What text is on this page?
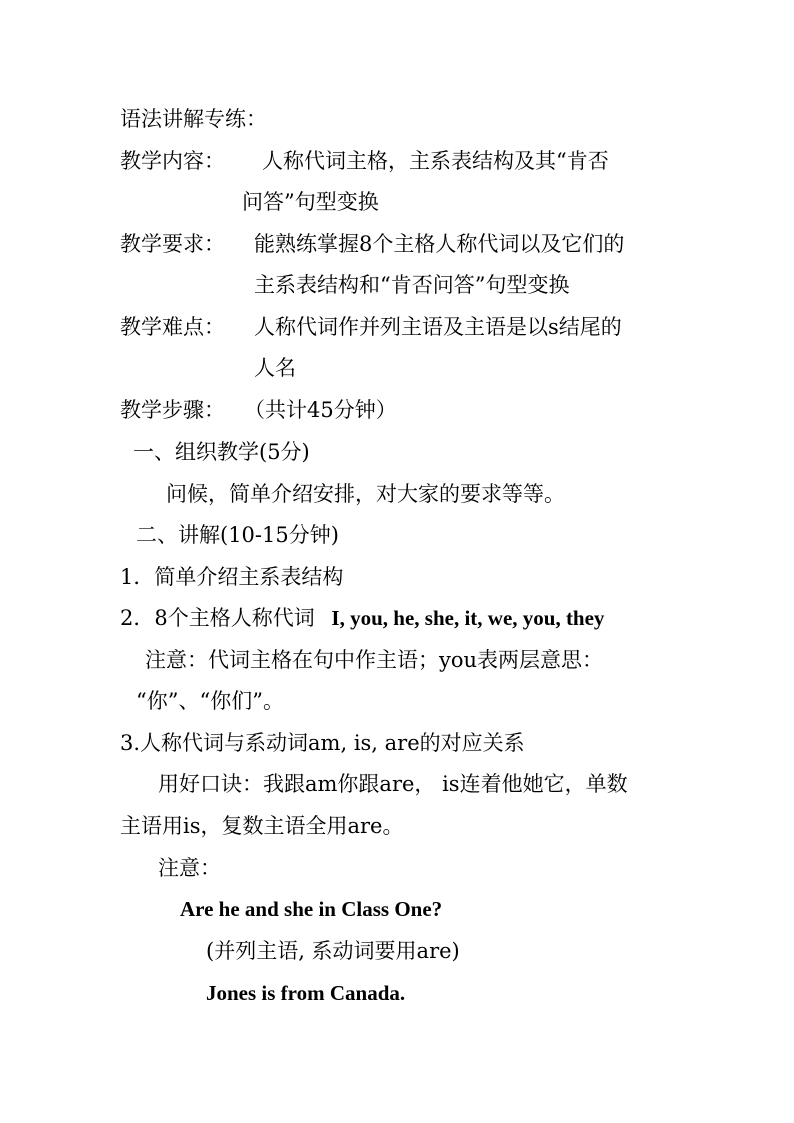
语法讲解专练：
教学内容： 人称代词主格，主系表结构及其“肯否
问答”句型变换
教学要求： 能熟练掌握8个主格人称代词以及它们的
主系表结构和“肯否问答”句型变换
教学难点： 人称代词作并列主语及主语是以s结尾的
人名
教学步骤： （共计45分钟）
一、组织教学(5分)
问候，简单介绍安排，对大家的要求等等。
二、讲解(10-15分钟)
1．简单介绍主系表结构
2．8个主格人称代词 I, you, he, she, it, we, you, they
注意：代词主格在句中作主语；you表两层意思：
“你”、“你们”。
3.人称代词与系动词am, is, are的对应关系
用好口诀：我跟am你跟are， is连着他她它，单数
主语用is，复数主语全用are。
注意：
Are he and she in Class One?
(并列主语, 系动词要用are)
Jones is from Canada.
